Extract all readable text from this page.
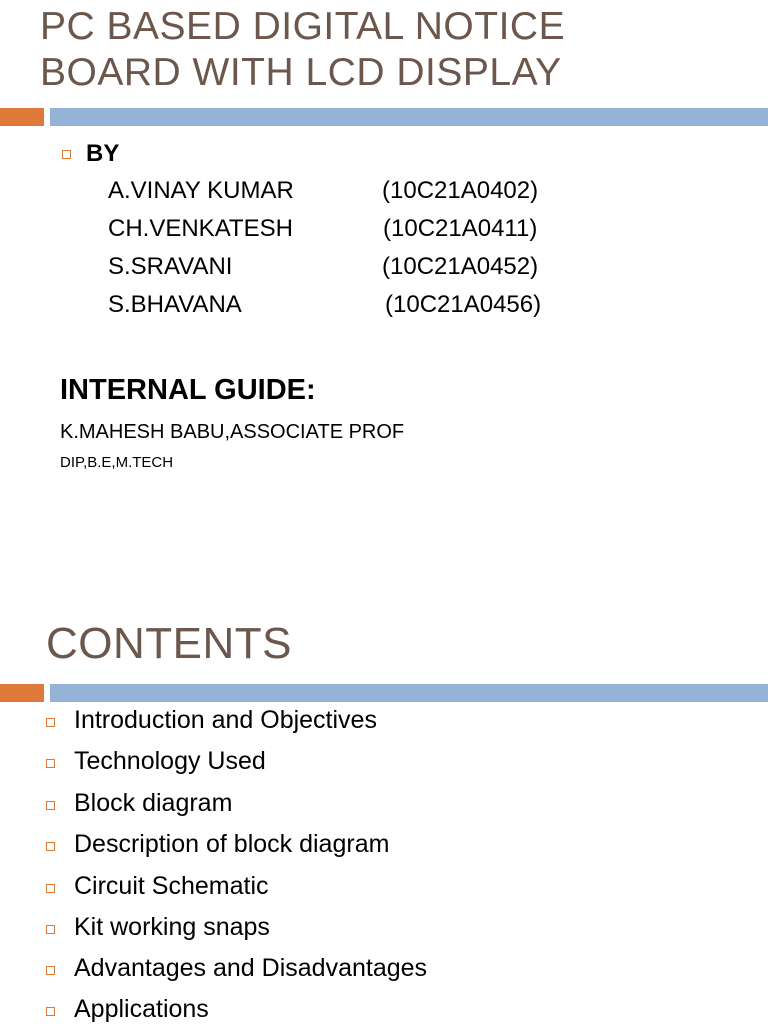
PC BASED DIGITAL NOTICE
BOARD WITH LCD DISPLAY
BY
A.VINAY KUMAR	(10C21A0402)
CH.VENKATESH	(10C21A0411)
S.SRAVANI	(10C21A0452)
S.BHAVANA	(10C21A0456)
INTERNAL GUIDE:
K.MAHESH BABU,ASSOCIATE PROF
DIP,B.E,M.TECH
CONTENTS
Introduction and Objectives
Technology Used
Block diagram
Description of block diagram
Circuit Schematic
Kit working snaps
Advantages and Disadvantages
Applications
